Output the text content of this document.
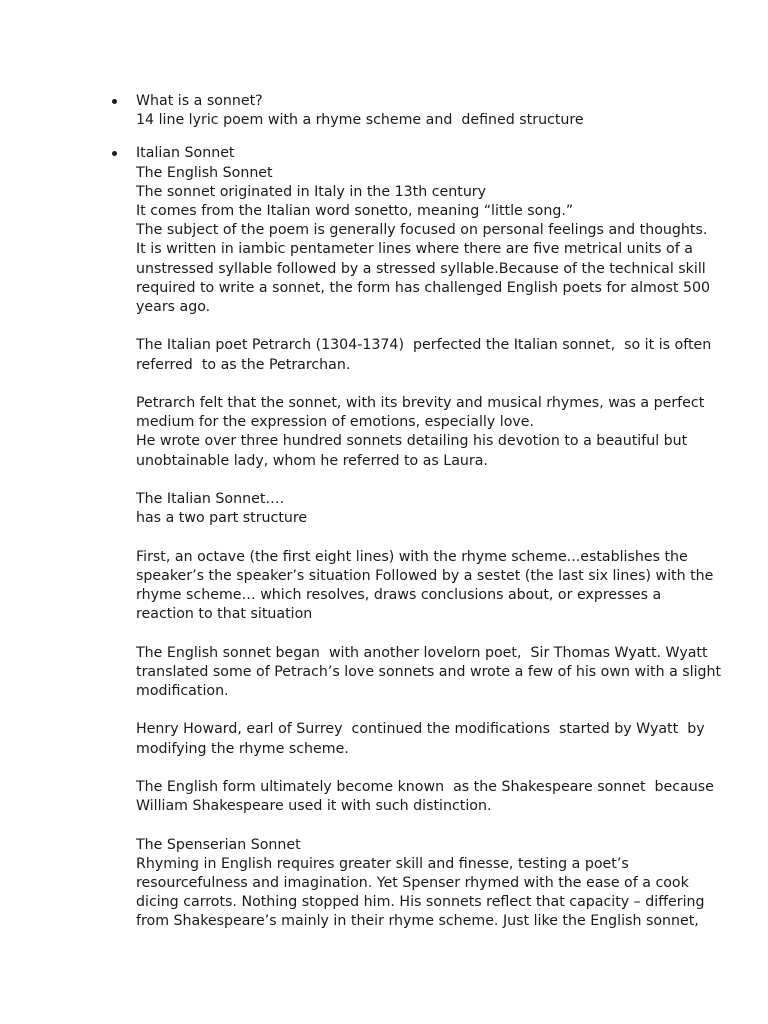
What is a sonnet?
14 line lyric poem with a rhyme scheme and  defined structure
Italian Sonnet
The English Sonnet
The sonnet originated in Italy in the 13th century
It comes from the Italian word sonetto, meaning “little song.”
The subject of the poem is generally focused on personal feelings and thoughts.
It is written in iambic pentameter lines where there are five metrical units of a
unstressed syllable followed by a stressed syllable.Because of the technical skill
required to write a sonnet, the form has challenged English poets for almost 500
years ago.
The Italian poet Petrarch (1304-1374)  perfected the Italian sonnet,  so it is often
referred  to as the Petrarchan.
Petrarch felt that the sonnet, with its brevity and musical rhymes, was a perfect
medium for the expression of emotions, especially love.
He wrote over three hundred sonnets detailing his devotion to a beautiful but
unobtainable lady, whom he referred to as Laura.
The Italian Sonnet….
has a two part structure
First, an octave (the first eight lines) with the rhyme scheme...establishes the
speaker’s the speaker’s situation Followed by a sestet (the last six lines) with the
rhyme scheme… which resolves, draws conclusions about, or expresses a
reaction to that situation
The English sonnet began  with another lovelorn poet,  Sir Thomas Wyatt. Wyatt
translated some of Petrach’s love sonnets and wrote a few of his own with a slight
modification.
Henry Howard, earl of Surrey  continued the modifications  started by Wyatt  by
modifying the rhyme scheme.
The English form ultimately become known  as the Shakespeare sonnet  because
William Shakespeare used it with such distinction.
The Spenserian Sonnet
Rhyming in English requires greater skill and finesse, testing a poet’s
resourcefulness and imagination. Yet Spenser rhymed with the ease of a cook
dicing carrots. Nothing stopped him. His sonnets reflect that capacity – differing
from Shakespeare’s mainly in their rhyme scheme. Just like the English sonnet,
